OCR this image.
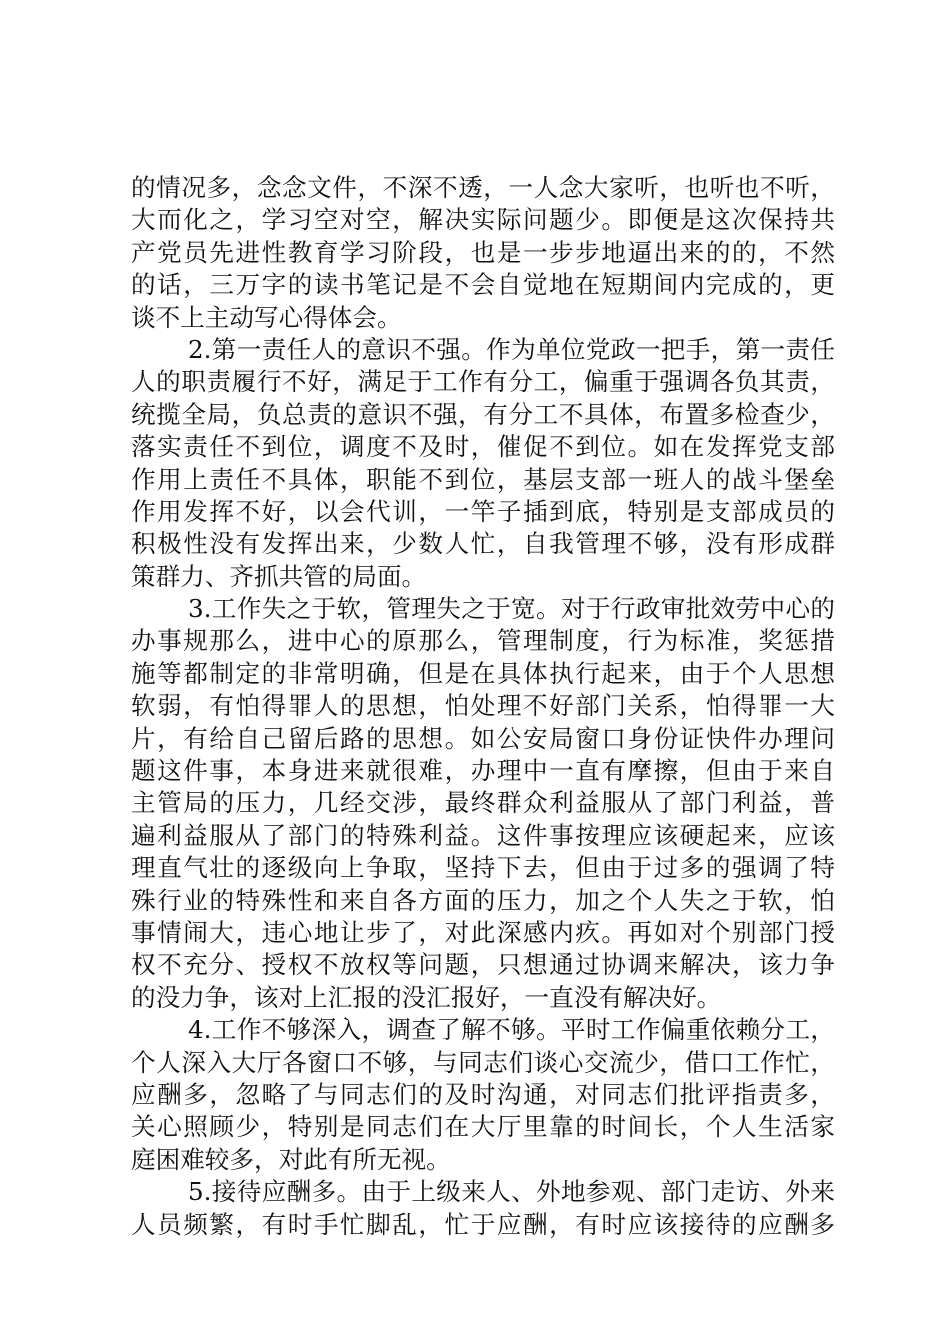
的情况多，念念文件，不深不透，一人念大家听，也听也不听，
大而化之，学习空对空，解决实际问题少。即便是这次保持共
产党员先进性教育学习阶段，也是一步步地逼出来的的，不然
的话，三万字的读书笔记是不会自觉地在短期间内完成的，更
谈不上主动写心得体会。
2.第一责任人的意识不强。作为单位党政一把手，第一责任
人的职责履行不好，满足于工作有分工，偏重于强调各负其责，
统揽全局，负总责的意识不强，有分工不具体，布置多检查少，
落实责任不到位，调度不及时，催促不到位。如在发挥党支部
作用上责任不具体，职能不到位，基层支部一班人的战斗堡垒
作用发挥不好，以会代训，一竿子插到底，特别是支部成员的
积极性没有发挥出来，少数人忙，自我管理不够，没有形成群
策群力、齐抓共管的局面。
3.工作失之于软，管理失之于宽。对于行政审批效劳中心的
办事规那么，进中心的原那么，管理制度，行为标准，奖惩措
施等都制定的非常明确，但是在具体执行起来，由于个人思想
软弱，有怕得罪人的思想，怕处理不好部门关系，怕得罪一大
片，有给自己留后路的思想。如公安局窗口身份证快件办理问
题这件事，本身进来就很难，办理中一直有摩擦，但由于来自
主管局的压力，几经交涉，最终群众利益服从了部门利益，普
遍利益服从了部门的特殊利益。这件事按理应该硬起来，应该
理直气壮的逐级向上争取，坚持下去，但由于过多的强调了特
殊行业的特殊性和来自各方面的压力，加之个人失之于软，怕
事情闹大，违心地让步了，对此深感内疚。再如对个别部门授
权不充分、授权不放权等问题，只想通过协调来解决，该力争
的没力争，该对上汇报的没汇报好，一直没有解决好。
4.工作不够深入，调查了解不够。平时工作偏重依赖分工，
个人深入大厅各窗口不够，与同志们谈心交流少，借口工作忙，
应酬多，忽略了与同志们的及时沟通，对同志们批评指责多，
关心照顾少，特别是同志们在大厅里靠的时间长，个人生活家
庭困难较多，对此有所无视。
5.接待应酬多。由于上级来人、外地参观、部门走访、外来
人员频繁，有时手忙脚乱，忙于应酬，有时应该接待的应酬多
